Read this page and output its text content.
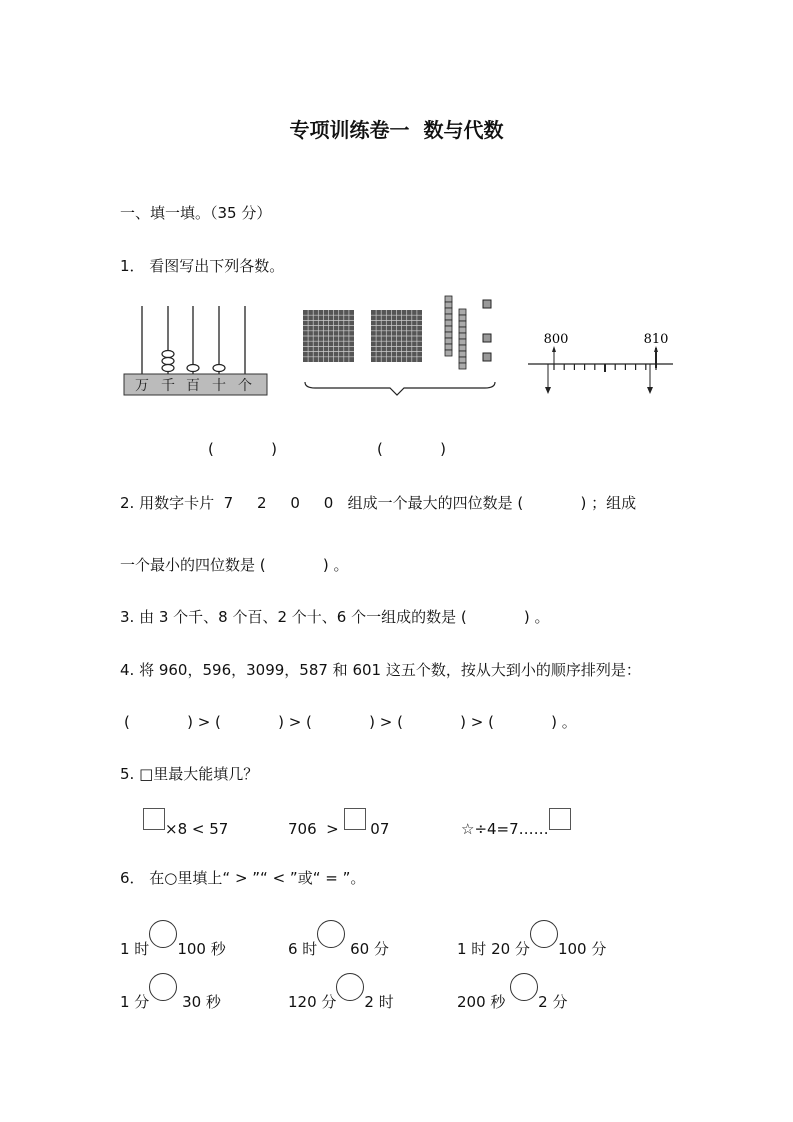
专项训练卷一  数与代数
一、填一填。（35 分）
1． 看图写出下列各数。
万 千 百 十 个
800	810
(            )	(            )
2. 用数字卡片  7     2     0     0   组成一个最大的四位数是 (            ) ；组成
一个最小的四位数是 (            ) 。
3. 由 3 个千、8 个百、2 个十、6 个一组成的数是 (            ) 。
4. 将 960，596，3099，587 和 601 这五个数，按从大到小的顺序排列是：
(            ) > (            ) > (            ) > (            ) > (            ) 。
5. □里最大能填几？
×8 < 57	706  >  07	☆÷4=7……
6． 在○里填上“ > ”“ < ”或“ = ”。
1 时 100 秒	6 时 60 分	1 时 20 分 100 分
1 分 30 秒	120 分 2 时	200 秒 2 分
